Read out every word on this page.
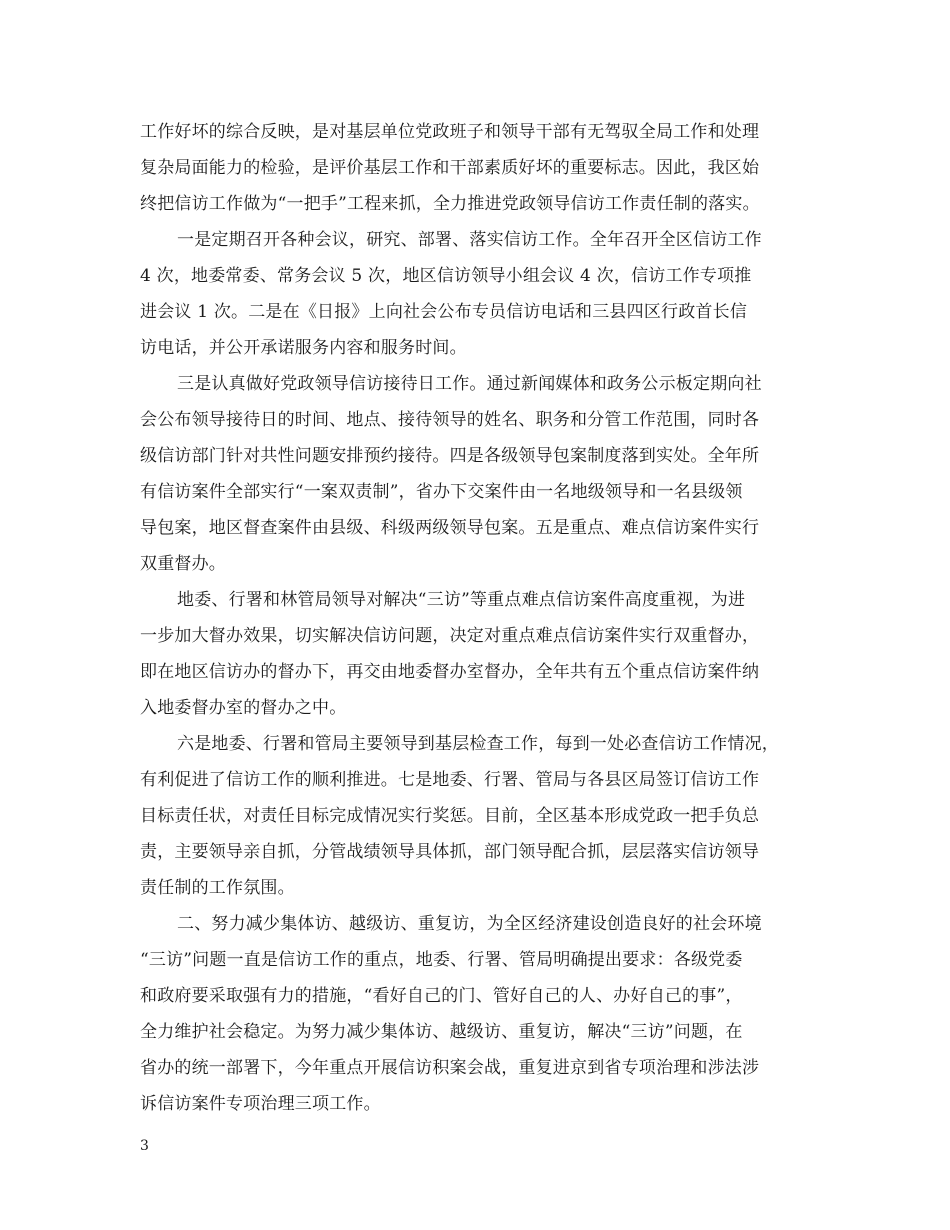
工作好坏的综合反映，是对基层单位党政班子和领导干部有无驾驭全局工作和处理
复杂局面能力的检验，是评价基层工作和干部素质好坏的重要标志。因此，我区始
终把信访工作做为“一把手”工程来抓，全力推进党政领导信访工作责任制的落实。
一是定期召开各种会议，研究、部署、落实信访工作。全年召开全区信访工作
4 次，地委常委、常务会议 5 次，地区信访领导小组会议 4 次，信访工作专项推
进会议 1 次。二是在《日报》上向社会公布专员信访电话和三县四区行政首长信
访电话，并公开承诺服务内容和服务时间。
三是认真做好党政领导信访接待日工作。通过新闻媒体和政务公示板定期向社
会公布领导接待日的时间、地点、接待领导的姓名、职务和分管工作范围，同时各
级信访部门针对共性问题安排预约接待。四是各级领导包案制度落到实处。全年所
有信访案件全部实行“一案双责制”，省办下交案件由一名地级领导和一名县级领
导包案，地区督查案件由县级、科级两级领导包案。五是重点、难点信访案件实行
双重督办。
地委、行署和林管局领导对解决“三访”等重点难点信访案件高度重视，为进
一步加大督办效果，切实解决信访问题，决定对重点难点信访案件实行双重督办，
即在地区信访办的督办下，再交由地委督办室督办，全年共有五个重点信访案件纳
入地委督办室的督办之中。
六是地委、行署和管局主要领导到基层检查工作，每到一处必查信访工作情况，
有利促进了信访工作的顺利推进。七是地委、行署、管局与各县区局签订信访工作
目标责任状，对责任目标完成情况实行奖惩。目前，全区基本形成党政一把手负总
责，主要领导亲自抓，分管战绩领导具体抓，部门领导配合抓，层层落实信访领导
责任制的工作氛围。
二、努力减少集体访、越级访、重复访，为全区经济建设创造良好的社会环境
“三访”问题一直是信访工作的重点，地委、行署、管局明确提出要求：各级党委
和政府要采取强有力的措施，“看好自己的门、管好自己的人、办好自己的事”，
全力维护社会稳定。为努力减少集体访、越级访、重复访，解决“三访”问题，在
省办的统一部署下，今年重点开展信访积案会战，重复进京到省专项治理和涉法涉
诉信访案件专项治理三项工作。
3
